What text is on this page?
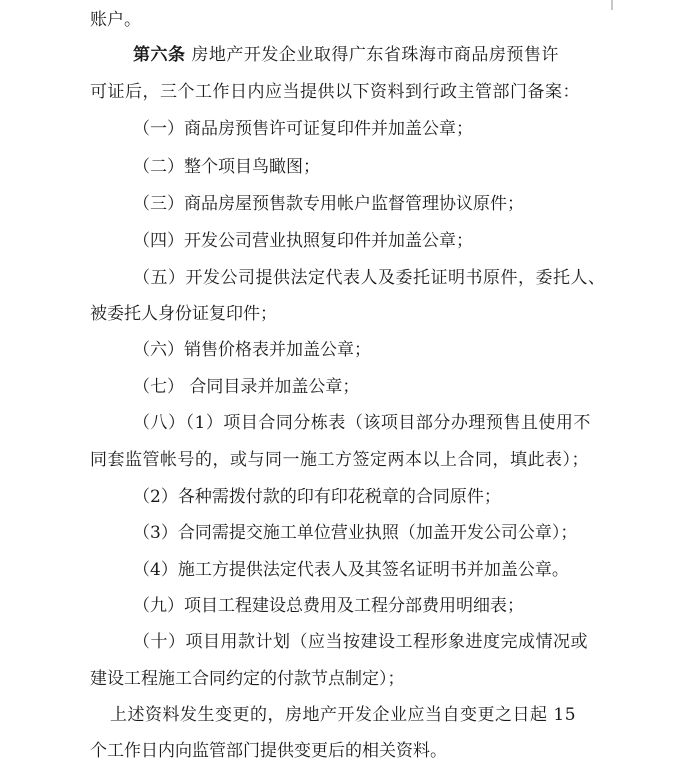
账户。

第六条 房地产开发企业取得广东省珠海市商品房预售许

可证后，三个工作日内应当提供以下资料到行政主管部门备案：

（一）商品房预售许可证复印件并加盖公章；

（二）整个项目鸟瞰图；

（三）商品房屋预售款专用帐户监督管理协议原件；

（四）开发公司营业执照复印件并加盖公章；

（五）开发公司提供法定代表人及委托证明书原件，委托人、

被委托人身份证复印件；

（六）销售价格表并加盖公章；

（七） 合同目录并加盖公章；

（八）（1）项目合同分栋表（该项目部分办理预售且使用不

同套监管帐号的，或与同一施工方签定两本以上合同，填此表）；

（2）各种需拨付款的印有印花税章的合同原件；

（3）合同需提交施工单位营业执照（加盖开发公司公章）；

（4）施工方提供法定代表人及其签名证明书并加盖公章。

（九）项目工程建设总费用及工程分部费用明细表；

（十）项目用款计划（应当按建设工程形象进度完成情况或

建设工程施工合同约定的付款节点制定）；

上述资料发生变更的，房地产开发企业应当自变更之日起 15

个工作日内向监管部门提供变更后的相关资料。
